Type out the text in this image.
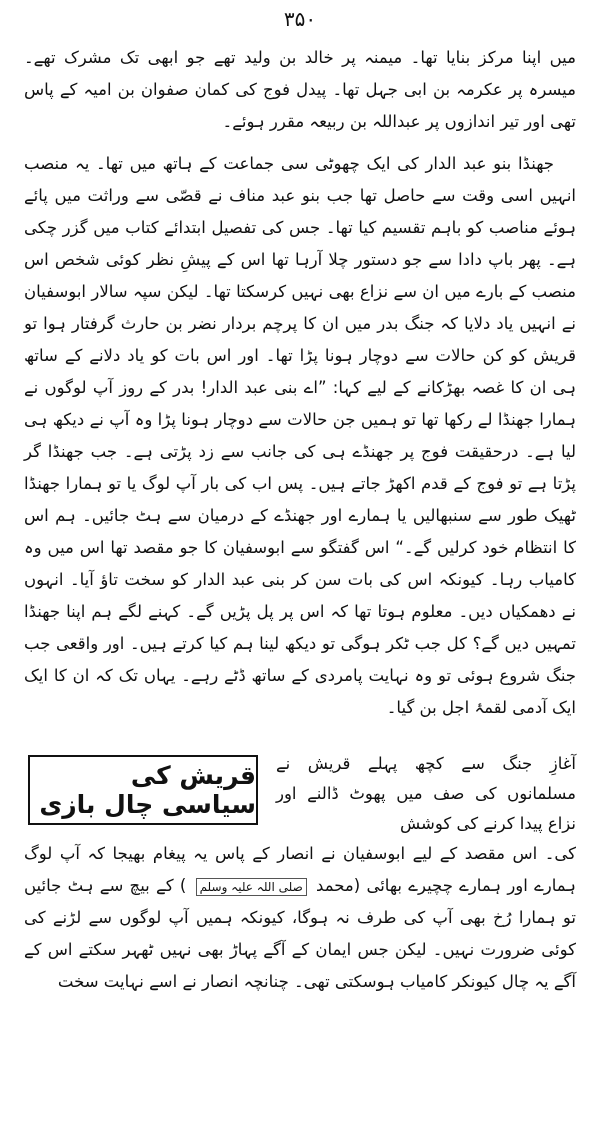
۳۵۰

میں اپنا مرکز بنایا تھا۔ میمنہ پر خالد بن ولید تھے جو ابھی تک مشرک تھے۔ میسرہ پر عکرمہ بن ابی جہل تھا۔ پیدل فوج کی کمان صفوان بن امیہ کے پاس تھی اور تیر اندازوں پر عبداللہ بن ربیعہ مقرر ہوئے۔

جھنڈا بنو عبد الدار کی ایک چھوٹی سی جماعت کے ہاتھ میں تھا۔ یہ منصب انہیں اسی وقت سے حاصل تھا جب بنو عبد مناف نے قصّی سے وراثت میں پائے ہوئے مناصب کو باہم تقسیم کیا تھا۔ جس کی تفصیل ابتدائے کتاب میں گزر چکی ہے۔ پھر باپ دادا سے جو دستور چلا آرہا تھا اس کے پیشِ نظر کوئی شخص اس منصب کے بارے میں ان سے نزاع بھی نہیں کرسکتا تھا۔ لیکن سپہ سالار ابوسفیان نے انہیں یاد دلایا کہ جنگ بدر میں ان کا پرچم بردار نضر بن حارث گرفتار ہوا تو قریش کو کن حالات سے دوچار ہونا پڑا تھا۔ اور اس بات کو یاد دلانے کے ساتھ ہی ان کا غصہ بھڑکانے کے لیے کہا: ”اے بنی عبد الدار! بدر کے روز آپ لوگوں نے ہمارا جھنڈا لے رکھا تھا تو ہمیں جن حالات سے دوچار ہونا پڑا وہ آپ نے دیکھ ہی لیا ہے۔ درحقیقت فوج پر جھنڈے ہی کی جانب سے زد پڑتی ہے۔ جب جھنڈا گر پڑتا ہے تو فوج کے قدم اکھڑ جاتے ہیں۔ پس اب کی بار آپ لوگ یا تو ہمارا جھنڈا ٹھیک طور سے سنبھالیں یا ہمارے اور جھنڈے کے درمیان سے ہٹ جائیں۔ ہم اس کا انتظام خود کرلیں گے۔“ اس گفتگو سے ابوسفیان کا جو مقصد تھا اس میں وہ کامیاب رہا۔ کیونکہ اس کی بات سن کر بنی عبد الدار کو سخت تاؤ آیا۔ انہوں نے دھمکیاں دیں۔ معلوم ہوتا تھا کہ اس پر پل پڑیں گے۔ کہنے لگے ہم اپنا جھنڈا تمہیں دیں گے؟ کل جب ٹکر ہوگی تو دیکھ لینا ہم کیا کرتے ہیں۔ اور واقعی جب جنگ شروع ہوئی تو وہ نہایت پامردی کے ساتھ ڈٹے رہے۔ یہاں تک کہ ان کا ایک ایک آدمی لقمۂ اجل بن گیا۔

قریش کی سیاسی چال بازی
آغازِ جنگ سے کچھ پہلے قریش نے مسلمانوں کی صف میں پھوٹ ڈالنے اور نزاع پیدا کرنے کی کوشش

کی۔ اس مقصد کے لیے ابوسفیان نے انصار کے پاس یہ پیغام بھیجا کہ آپ لوگ ہمارے اور ہمارے چچیرے بھائی (محمد صلی اللہ علیہ وسلم ) کے بیچ سے ہٹ جائیں تو ہمارا رُخ بھی آپ کی طرف نہ ہوگا، کیونکہ ہمیں آپ لوگوں سے لڑنے کی کوئی ضرورت نہیں۔ لیکن جس ایمان کے آگے پہاڑ بھی نہیں ٹھہر سکتے اس کے آگے یہ چال کیونکر کامیاب ہوسکتی تھی۔ چنانچہ انصار نے اسے نہایت سخت
